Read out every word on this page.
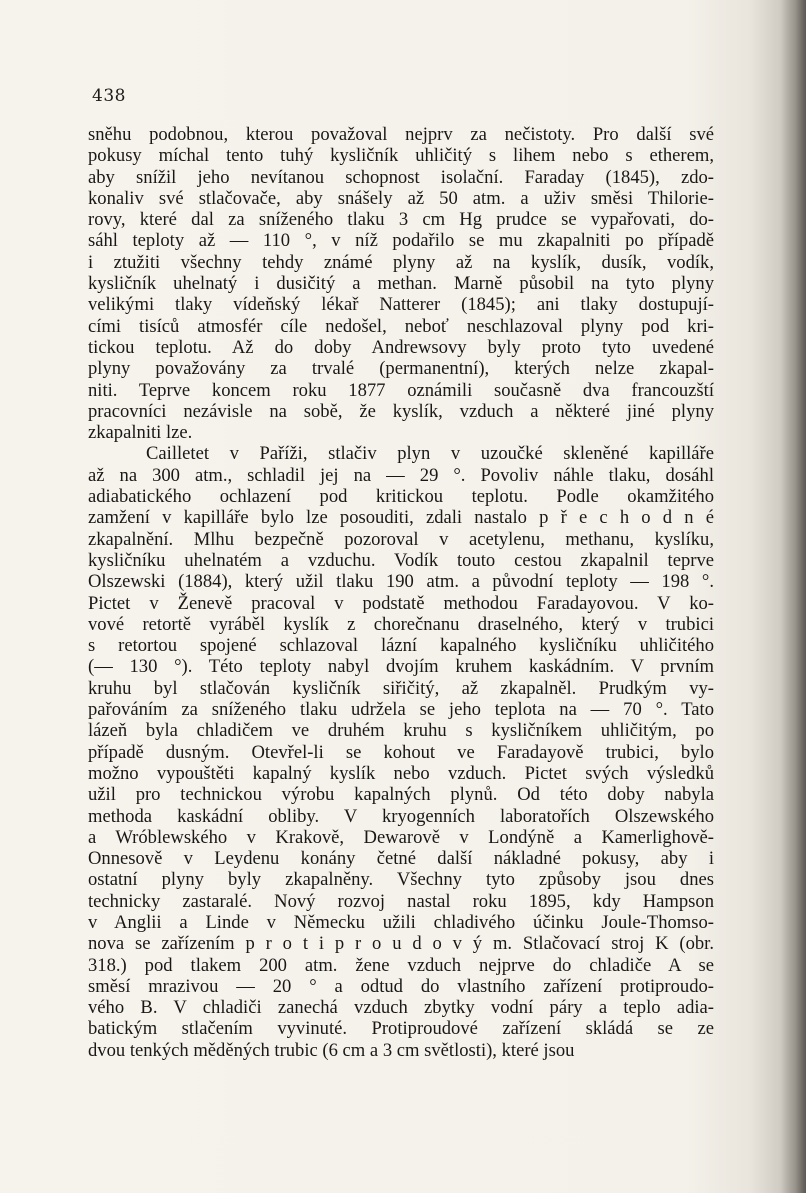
438
sněhu podobnou, kterou považoval nejprv za nečistoty. Pro další své
pokusy míchal tento tuhý kysličník uhličitý s lihem nebo s etherem,
aby snížil jeho nevítanou schopnost isolační. Faraday (1845), zdo-
konaliv své stlačovače, aby snášely až 50 atm. a uživ směsi Thilorie-
rovy, které dal za sníženého tlaku 3 cm Hg prudce se vypařovati, do-
sáhl teploty až — 110 °, v níž podařilo se mu zkapalniti po případě
i ztužiti všechny tehdy známé plyny až na kyslík, dusík, vodík,
kysličník uhelnatý i dusičitý a methan. Marně působil na tyto plyny
velikými tlaky vídeňský lékař Natterer (1845); ani tlaky dostupují-
cími tisíců atmosfér cíle nedošel, neboť neschlazoval plyny pod kri-
tickou teplotu. Až do doby Andrewsovy byly proto tyto uvedené
plyny považovány za trvalé (permanentní), kterých nelze zkapal-
niti. Teprve koncem roku 1877 oznámili současně dva francouzští
pracovníci nezávisle na sobě, že kyslík, vzduch a některé jiné plyny
zkapalniti lze.
Cailletet v Paříži, stlačiv plyn v uzoučké skleněné kapilláře
až na 300 atm., schladil jej na — 29 °. Povoliv náhle tlaku, dosáhl
adiabatického ochlazení pod kritickou teplotu. Podle okamžitého
zamžení v kapilláře bylo lze posouditi, zdali nastalo p ř e c h o d n é
zkapalnění. Mlhu bezpečně pozoroval v acetylenu, methanu, kyslíku,
kysličníku uhelnatém a vzduchu. Vodík touto cestou zkapalnil teprve
Olszewski (1884), který užil tlaku 190 atm. a původní teploty — 198 °.
Pictet v Ženevě pracoval v podstatě methodou Faradayovou. V ko-
vové retortě vyráběl kyslík z chorečnanu draselného, který v trubici
s retortou spojené schlazoval lázní kapalného kysličníku uhličitého
(— 130 °). Této teploty nabyl dvojím kruhem kaskádním. V prvním
kruhu byl stlačován kysličník siřičitý, až zkapalněl. Prudkým vy-
pařováním za sníženého tlaku udržela se jeho teplota na — 70 °. Tato
lázeň byla chladičem ve druhém kruhu s kysličníkem uhličitým, po
případě dusným. Otevřel-li se kohout ve Faradayově trubici, bylo
možno vypouštěti kapalný kyslík nebo vzduch. Pictet svých výsledků
užil pro technickou výrobu kapalných plynů. Od této doby nabyla
methoda kaskádní obliby. V kryogenních laboratořích Olszewského
a Wróblewského v Krakově, Dewarově v Londýně a Kamerlighově-
Onnesově v Leydenu konány četné další nákladné pokusy, aby i
ostatní plyny byly zkapalněny. Všechny tyto způsoby jsou dnes
technicky zastaralé. Nový rozvoj nastal roku 1895, kdy Hampson
v Anglii a Linde v Německu užili chladivého účinku Joule-Thomso-
nova se zařízením p r o t i p r o u d o v ý m. Stlačovací stroj K (obr.
318.) pod tlakem 200 atm. žene vzduch nejprve do chladiče A se
směsí mrazivou — 20 ° a odtud do vlastního zařízení protiproudo-
vého B. V chladiči zanechá vzduch zbytky vodní páry a teplo adia-
batickým stlačením vyvinuté. Protiproudové zařízení skládá se ze
dvou tenkých měděných trubic (6 cm a 3 cm světlosti), které jsou
